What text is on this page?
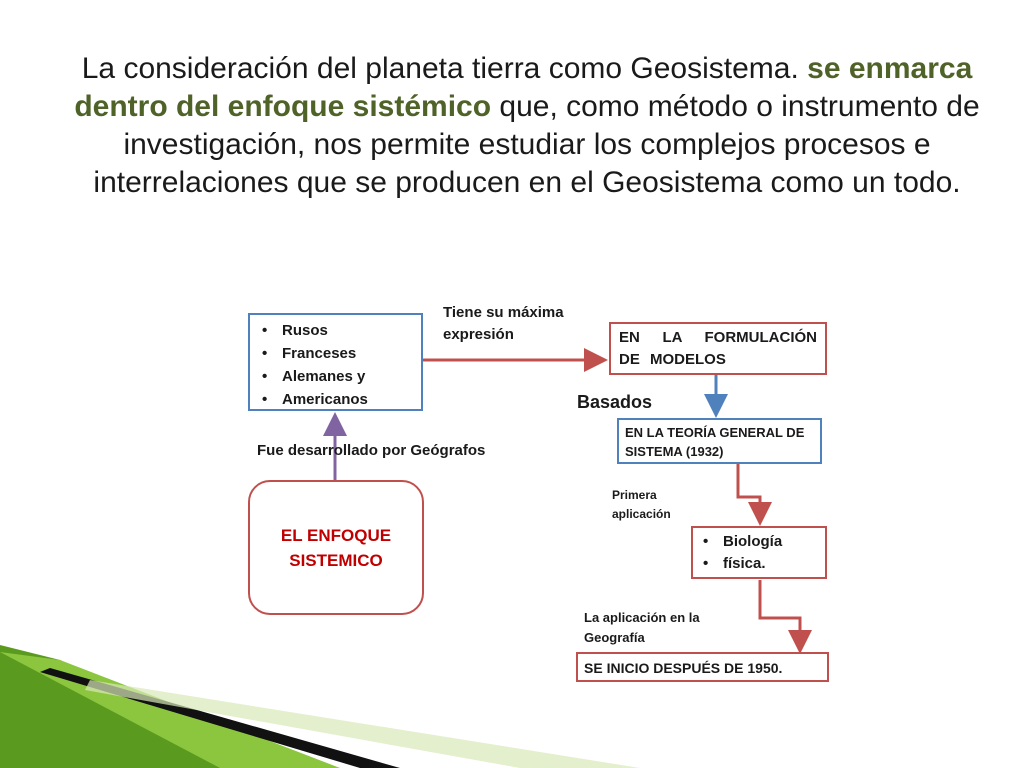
La consideración del planeta tierra como Geosistema. se enmarca dentro del enfoque sistémico que, como método o instrumento de investigación, nos permite estudiar los complejos procesos e interrelaciones que se producen en el Geosistema como un todo.
• Rusos
• Franceses
• Alemanes y
• Americanos
Tiene su máxima expresión	EN LA FORMULACIÓN DE MODELOS
Basados
EN LA TEORÍA GENERAL DE SISTEMA (1932)
Fue desarrollado por Geógrafos
EL ENFOQUE SISTEMICO
Primera aplicación
• Biología
• física.
La aplicación en la Geografía
SE INICIO DESPUÉS DE 1950.
